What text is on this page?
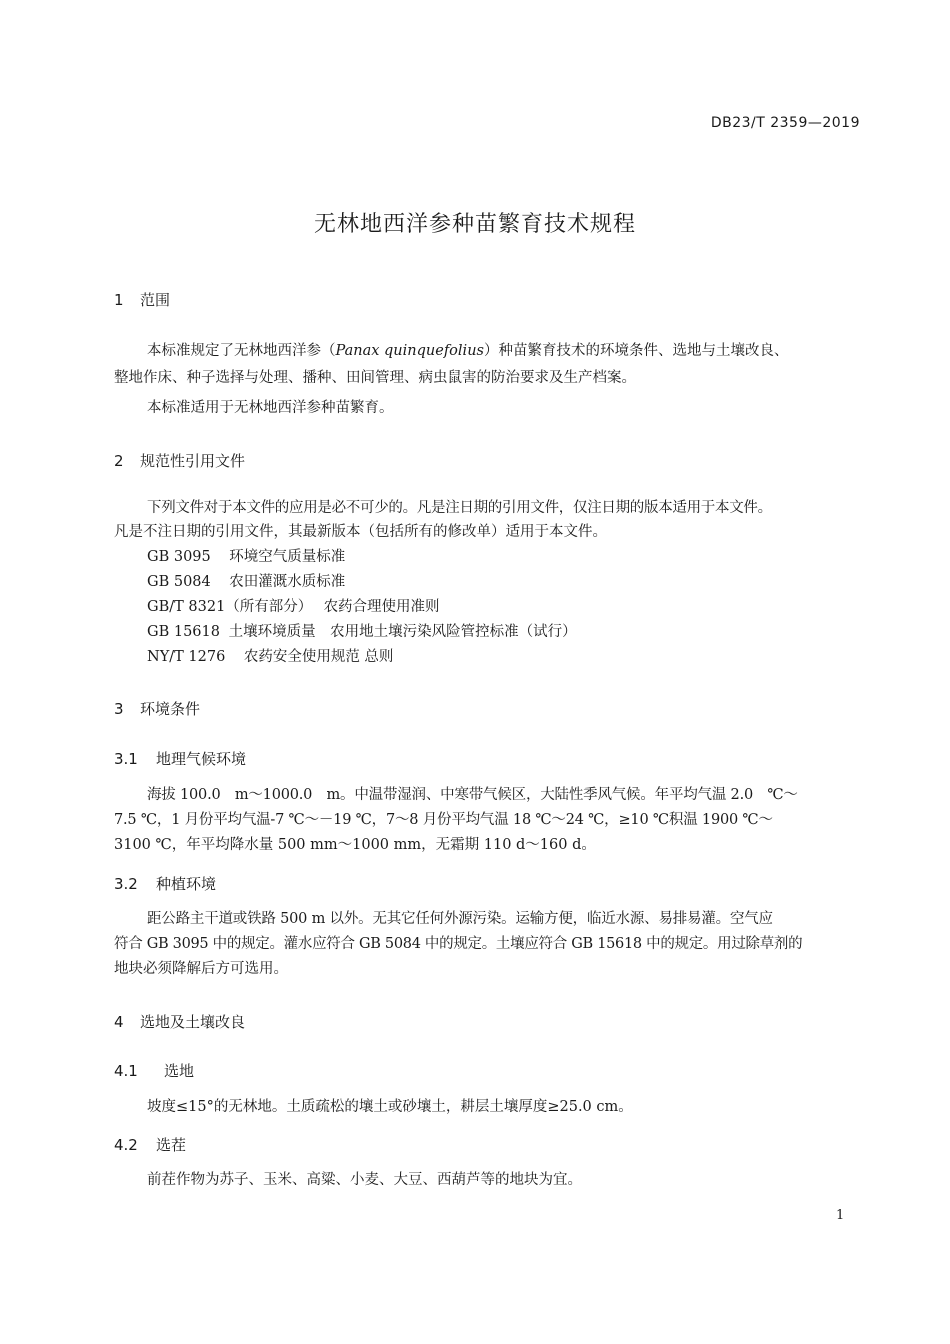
DB23/T 2359—2019
无林地西洋参种苗繁育技术规程
1 范围
本标准规定了无林地西洋参（Panax quinquefolius）种苗繁育技术的环境条件、选地与土壤改良、
整地作床、种子选择与处理、播种、田间管理、病虫鼠害的防治要求及生产档案。
本标准适用于无林地西洋参种苗繁育。
2 规范性引用文件
下列文件对于本文件的应用是必不可少的。凡是注日期的引用文件，仅注日期的版本适用于本文件。
凡是不注日期的引用文件，其最新版本（包括所有的修改单）适用于本文件。
GB 3095　 环境空气质量标准
GB 5084　 农田灌溉水质标准
GB/T 8321（所有部分）　 农药合理使用准则
GB 15618 土壤环境质量　农用地土壤污染风险管控标准（试行）
NY/T 1276　 农药安全使用规范 总则
3 环境条件
3.1 地理气候环境
海拔 100.0　m～1000.0　m。中温带湿润、中寒带气候区，大陆性季风气候。年平均气温 2.0　℃～
7.5 ℃，1 月份平均气温-7 ℃～－19 ℃，7～8 月份平均气温 18 ℃～24 ℃，≥10 ℃积温 1900 ℃～
3100 ℃，年平均降水量 500 mm～1000 mm，无霜期 110 d～160 d。
3.2 种植环境
距公路主干道或铁路 500 m 以外。无其它任何外源污染。运输方便，临近水源、易排易灌。空气应
符合 GB 3095 中的规定。灌水应符合 GB 5084 中的规定。土壤应符合 GB 15618 中的规定。用过除草剂的
地块必须降解后方可选用。
4 选地及土壤改良
4.1 选地
坡度≤15°的无林地。土质疏松的壤土或砂壤土，耕层土壤厚度≥25.0 cm。
4.2 选茬
前茬作物为苏子、玉米、高粱、小麦、大豆、西葫芦等的地块为宜。
1
